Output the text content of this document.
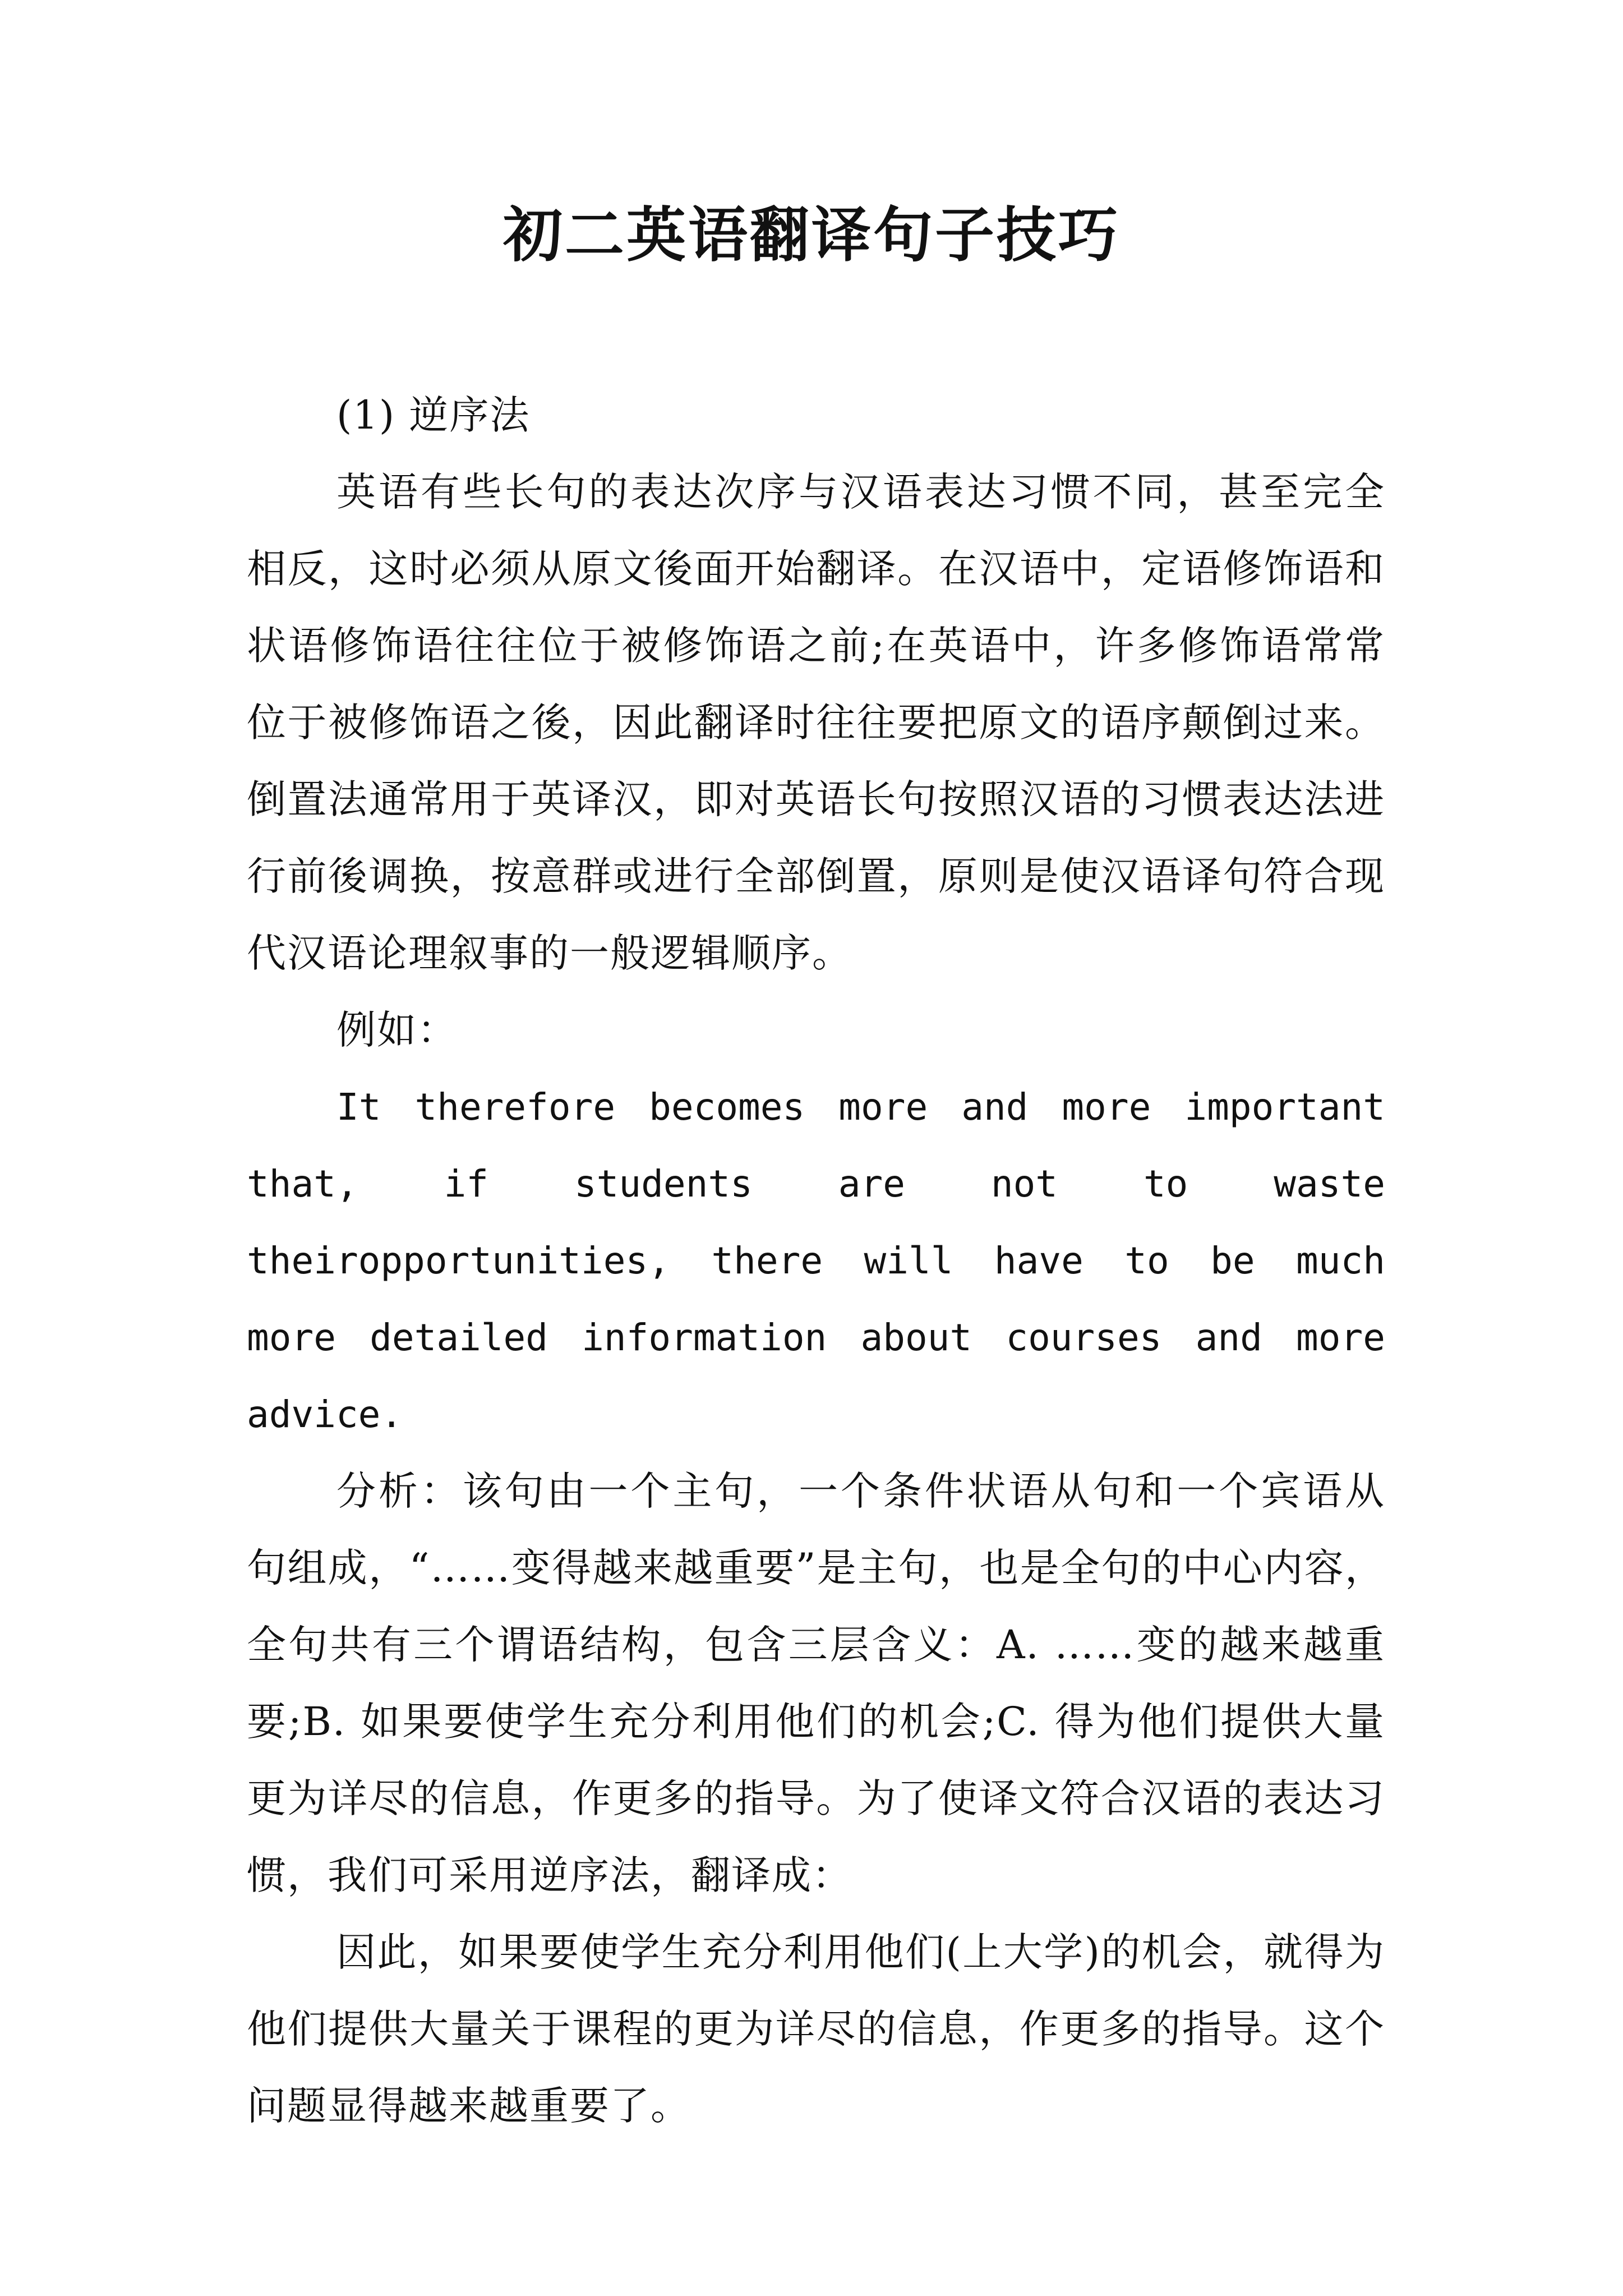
初二英语翻译句子技巧

(1) 逆序法

英语有些长句的表达次序与汉语表达习惯不同，甚至完全相反，这时必须从原文後面开始翻译。在汉语中，定语修饰语和状语修饰语往往位于被修饰语之前;在英语中，许多修饰语常常位于被修饰语之後，因此翻译时往往要把原文的语序颠倒过来。倒置法通常用于英译汉，即对英语长句按照汉语的习惯表达法进行前後调换，按意群或进行全部倒置，原则是使汉语译句符合现代汉语论理叙事的一般逻辑顺序。

例如：

It therefore becomes more and more important that, if students are not to waste theiropportunities, there will have to be much more detailed information about courses and more advice.

分析：该句由一个主句，一个条件状语从句和一个宾语从句组成，“……变得越来越重要”是主句，也是全句的中心内容，全句共有三个谓语结构，包含三层含义：A. ……变的越来越重要;B. 如果要使学生充分利用他们的机会;C. 得为他们提供大量更为详尽的信息，作更多的指导。为了使译文符合汉语的表达习惯，我们可采用逆序法，翻译成：

因此，如果要使学生充分利用他们(上大学)的机会，就得为他们提供大量关于课程的更为详尽的信息，作更多的指导。这个问题显得越来越重要了。
